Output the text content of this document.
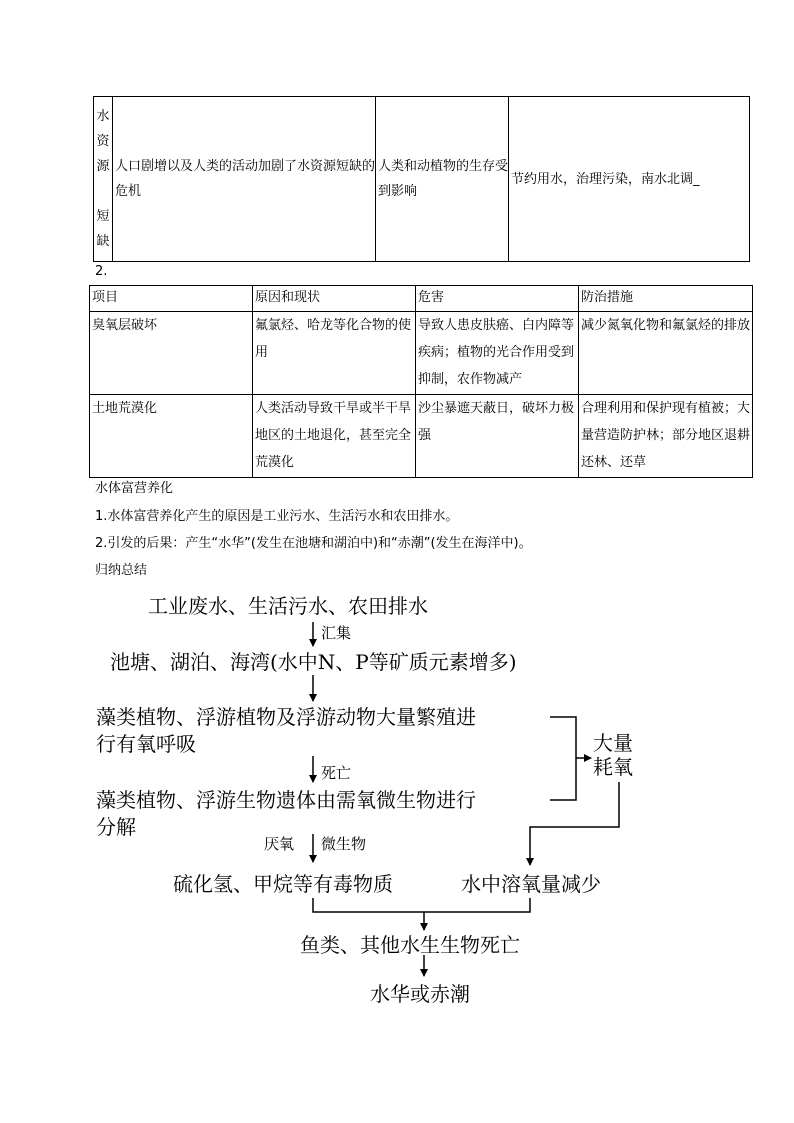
水
资
源

短
缺
	人口剧增以及人类的活动加剧了水资源短缺的危机	人类和动植物的生存受到影响	节约用水，治理污染，南水北调_
2.
项目	原因和现状	危害	防治措施
臭氧层破坏	氟氯烃、哈龙等化合物的使用	导致人患皮肤癌、白内障等疾病；植物的光合作用受到抑制，农作物减产	减少氮氧化物和氟氯烃的排放
土地荒漠化	人类活动导致干旱或半干旱地区的土地退化，甚至完全荒漠化	沙尘暴遮天蔽日，破坏力极强	合理利用和保护现有植被；大量营造防护林；部分地区退耕还林、还草
水体富营养化
1.水体富营养化产生的原因是工业污水、生活污水和农田排水。
2.引发的后果：产生“水华”(发生在池塘和湖泊中)和“赤潮”(发生在海洋中)。
归纳总结
工业废水、生活污水、农田排水
汇集
池塘、湖泊、海湾(水中N、P等矿质元素增多)
藻类植物、浮游植物及浮游动物大量繁殖进
行有氧呼吸
死亡
藻类植物、浮游生物遗体由需氧微生物进行
分解
大量
耗氧
厌氧 微生物
硫化氢、甲烷等有毒物质	水中溶氧量减少
鱼类、其他水生生物死亡
水华或赤潮
